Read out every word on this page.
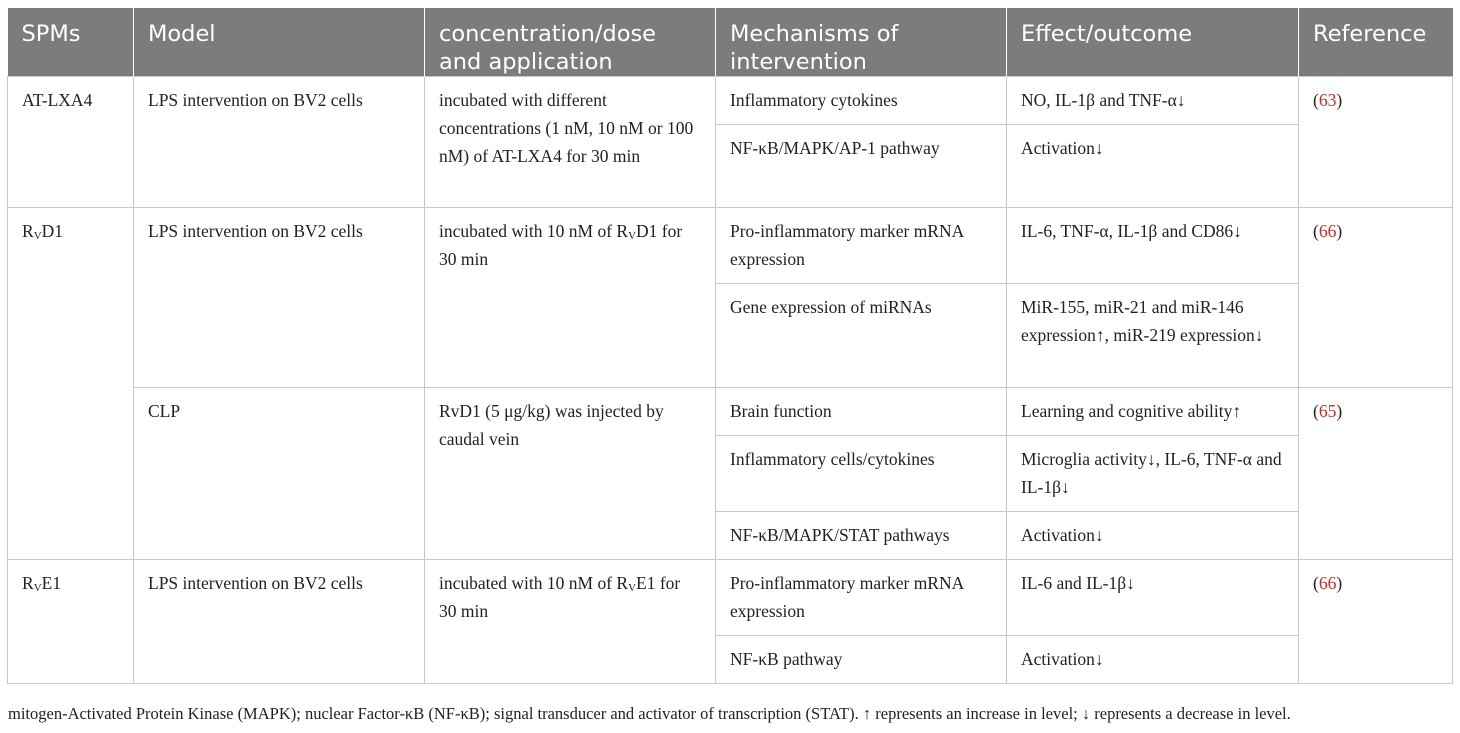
SPMs	Model	concentration/dose and application	Mechanisms of intervention	Effect/outcome	Reference
AT-LXA4	LPS intervention on BV2 cells	incubated with different concentrations (1 nM, 10 nM or 100 nM) of AT-LXA4 for 30 min	Inflammatory cytokines	NO, IL-1β and TNF-α↓	(63)
			NF-κB/MAPK/AP-1 pathway	Activation↓	
$R_VD1$	LPS intervention on BV2 cells	incubated with 10 nM of $R_VD1$ for 30 min	Pro-inflammatory marker mRNA expression	IL-6, TNF-α, IL-1β and CD86↓	(66)
			Gene expression of miRNAs	MiR-155, miR-21 and miR-146 expression↑, miR-219 expression↓	
	CLP	RvD1 (5 μg/kg) was injected by caudal vein	Brain function	Learning and cognitive ability↑	(65)
			Inflammatory cells/cytokines	Microglia activity↓, IL-6, TNF-α and IL-1β↓	
			NF-κB/MAPK/STAT pathways	Activation↓	
$R_VE1$	LPS intervention on BV2 cells	incubated with 10 nM of $R_VE1$ for 30 min	Pro-inflammatory marker mRNA expression	IL-6 and IL-1β↓	(66)
			NF-κB pathway	Activation↓	
mitogen-Activated Protein Kinase (MAPK); nuclear Factor-κB (NF-κB); signal transducer and activator of transcription (STAT). ↑ represents an increase in level; ↓ represents a decrease in level.
